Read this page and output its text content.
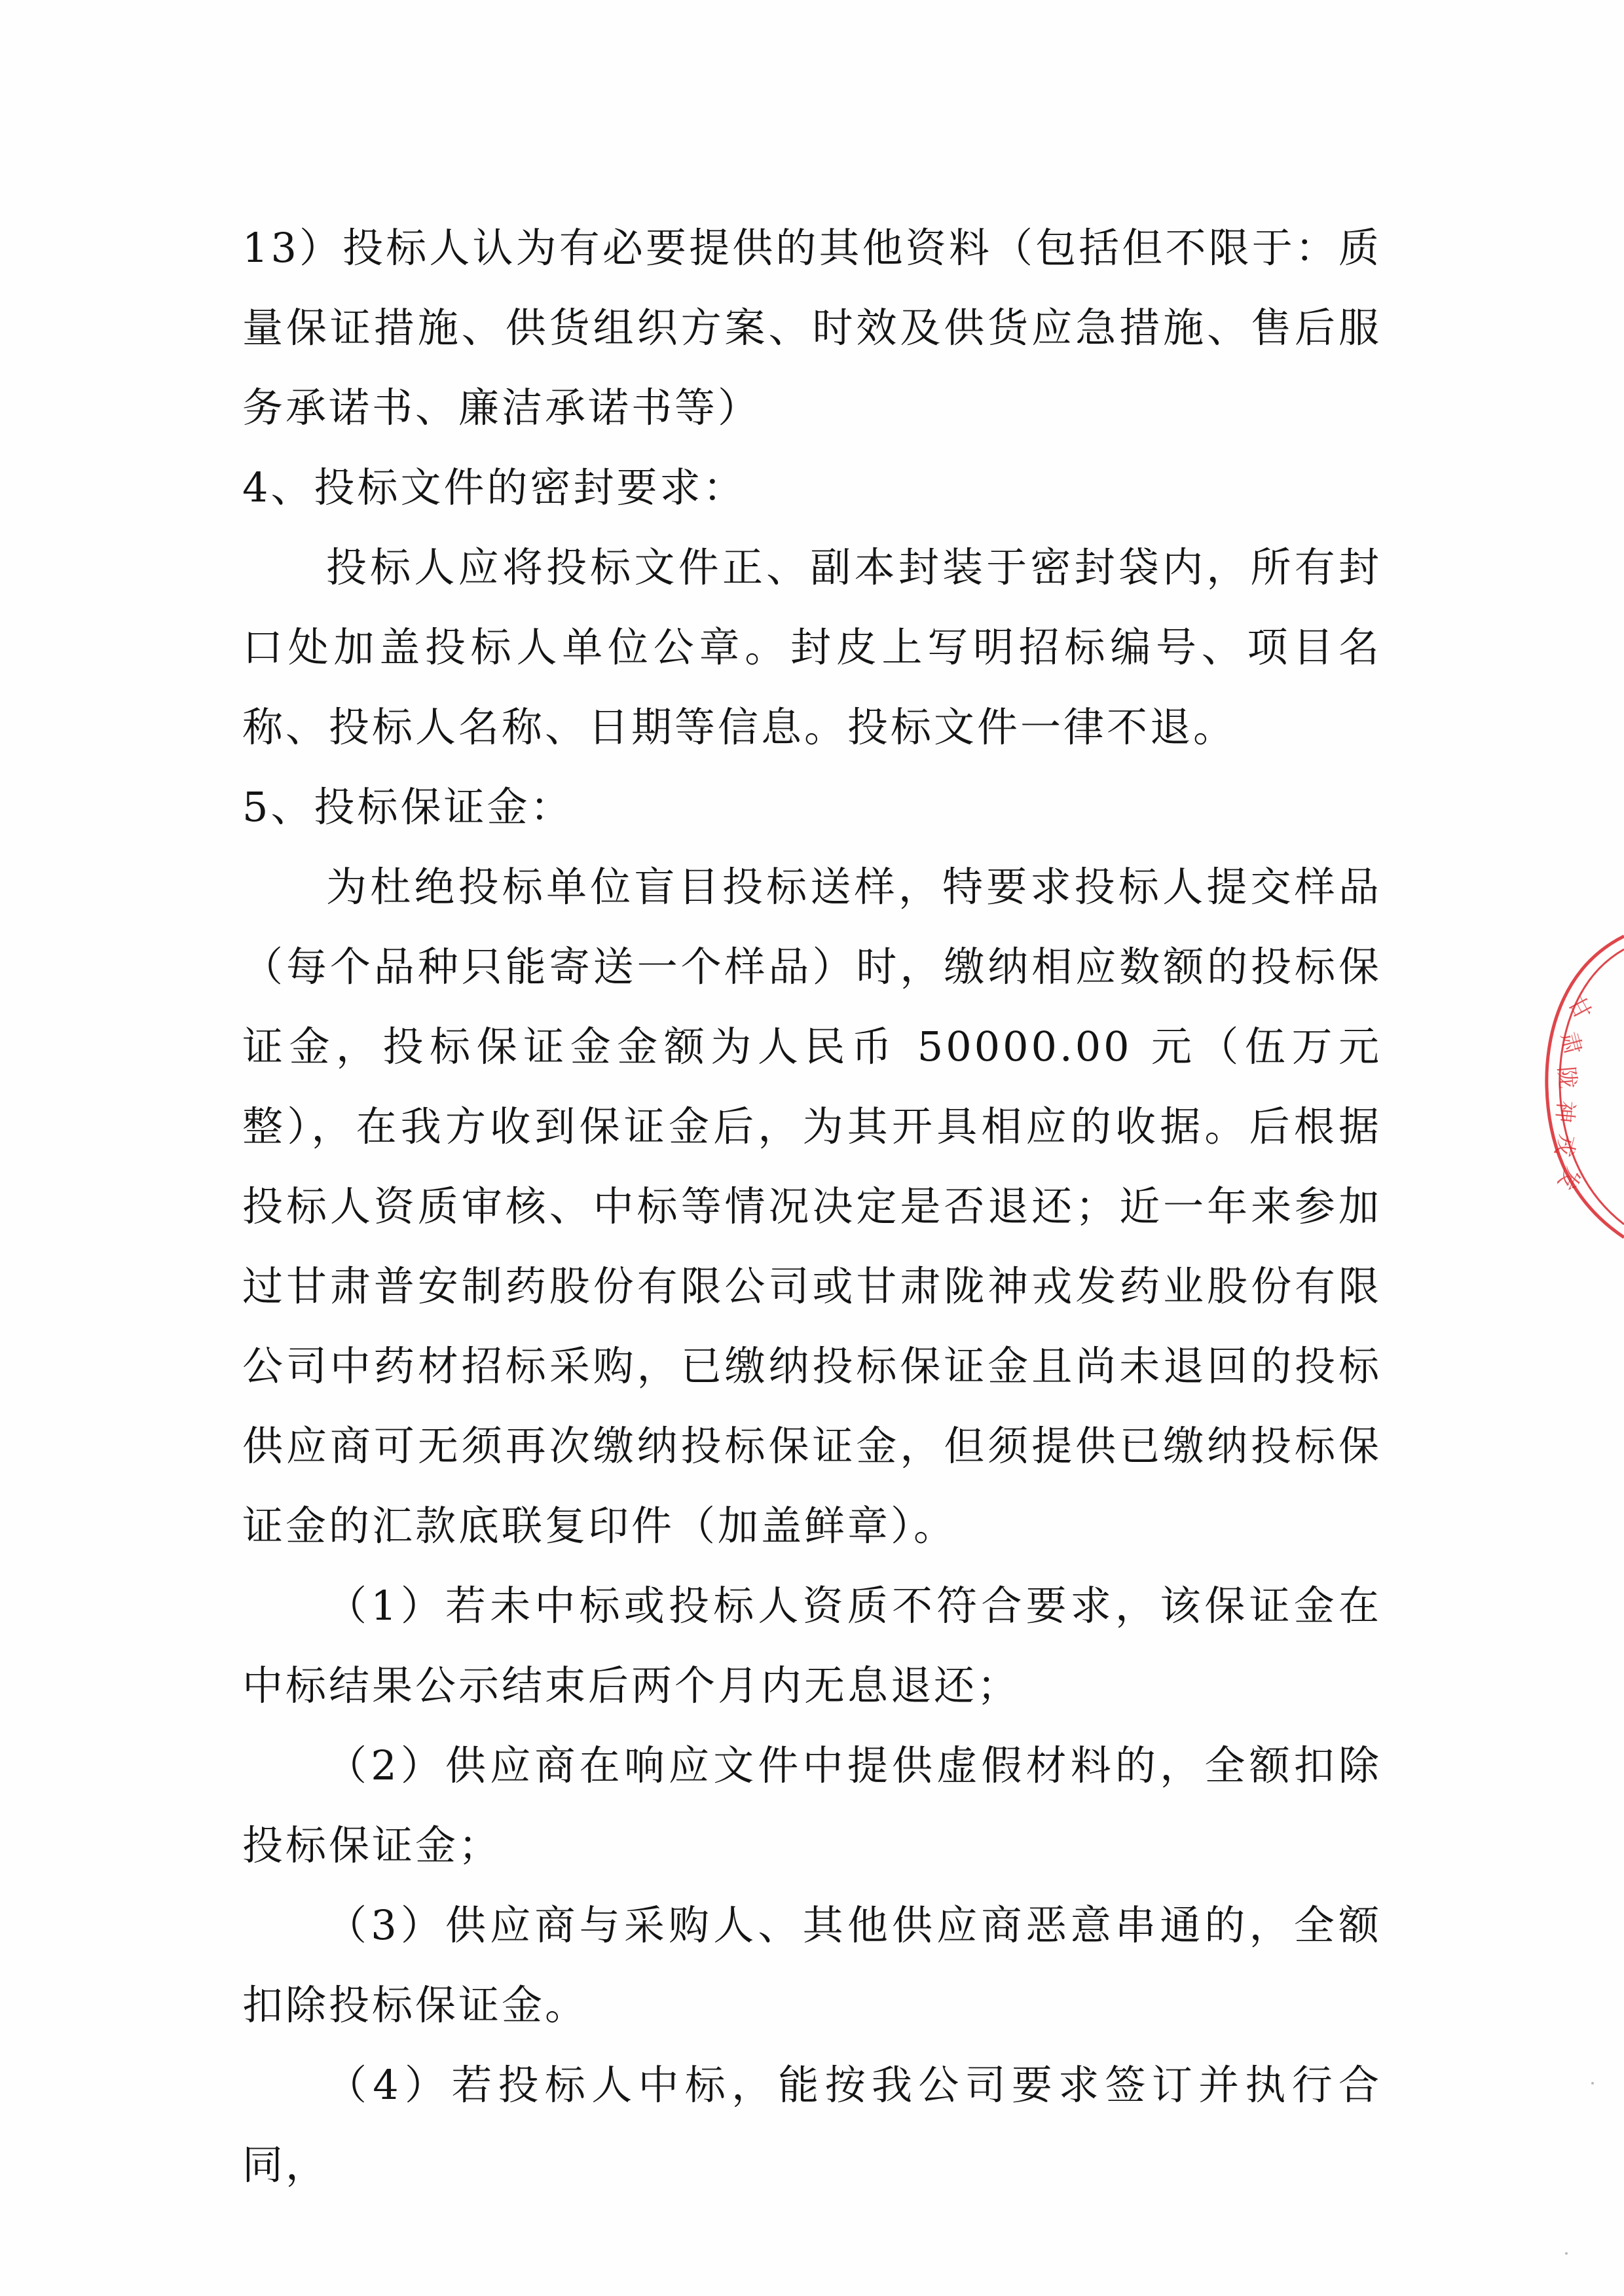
13）投标人认为有必要提供的其他资料（包括但不限于：质量保证措施、供货组织方案、时效及供货应急措施、售后服务承诺书、廉洁承诺书等）

4、投标文件的密封要求：

投标人应将投标文件正、副本封装于密封袋内，所有封口处加盖投标人单位公章。封皮上写明招标编号、项目名称、投标人名称、日期等信息。投标文件一律不退。

5、投标保证金：

为杜绝投标单位盲目投标送样，特要求投标人提交样品（每个品种只能寄送一个样品）时，缴纳相应数额的投标保证金，投标保证金金额为人民币 50000.00 元（伍万元整），在我方收到保证金后，为其开具相应的收据。后根据投标人资质审核、中标等情况决定是否退还；近一年来参加过甘肃普安制药股份有限公司或甘肃陇神戎发药业股份有限公司中药材招标采购，已缴纳投标保证金且尚未退回的投标供应商可无须再次缴纳投标保证金，但须提供已缴纳投标保证金的汇款底联复印件（加盖鲜章）。

（1）若未中标或投标人资质不符合要求，该保证金在中标结果公示结束后两个月内无息退还；

（2）供应商在响应文件中提供虚假材料的，全额扣除投标保证金；

（3）供应商与采购人、其他供应商恶意串通的，全额扣除投标保证金。

（4）若投标人中标，能按我公司要求签订并执行合同，

甘
肃
陇
神
戎
发
